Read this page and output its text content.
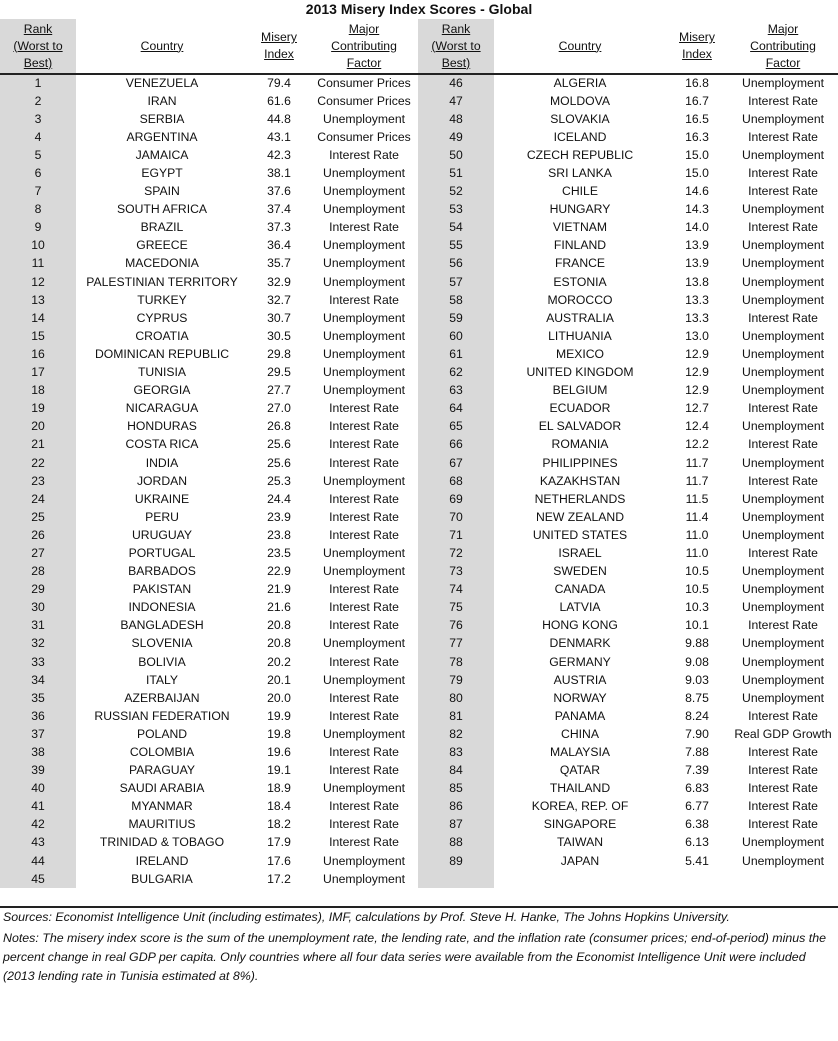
2013 Misery Index Scores - Global
Rank
(Worst to
Best)	Country	Misery
Index	Major
Contributing
Factor	Rank
(Worst to
Best)	Country	Misery
Index	Major
Contributing
Factor

1	VENEZUELA	79.4	Consumer Prices	46	ALGERIA	16.8	Unemployment
2	IRAN	61.6	Consumer Prices	47	MOLDOVA	16.7	Interest Rate
3	SERBIA	44.8	Unemployment	48	SLOVAKIA	16.5	Unemployment
4	ARGENTINA	43.1	Consumer Prices	49	ICELAND	16.3	Interest Rate
5	JAMAICA	42.3	Interest Rate	50	CZECH REPUBLIC	15.0	Unemployment
6	EGYPT	38.1	Unemployment	51	SRI LANKA	15.0	Interest Rate
7	SPAIN	37.6	Unemployment	52	CHILE	14.6	Interest Rate
8	SOUTH AFRICA	37.4	Unemployment	53	HUNGARY	14.3	Unemployment
9	BRAZIL	37.3	Interest Rate	54	VIETNAM	14.0	Interest Rate
10	GREECE	36.4	Unemployment	55	FINLAND	13.9	Unemployment
11	MACEDONIA	35.7	Unemployment	56	FRANCE	13.9	Unemployment
12	PALESTINIAN TERRITORY	32.9	Unemployment	57	ESTONIA	13.8	Unemployment
13	TURKEY	32.7	Interest Rate	58	MOROCCO	13.3	Unemployment
14	CYPRUS	30.7	Unemployment	59	AUSTRALIA	13.3	Interest Rate
15	CROATIA	30.5	Unemployment	60	LITHUANIA	13.0	Unemployment
16	DOMINICAN REPUBLIC	29.8	Unemployment	61	MEXICO	12.9	Unemployment
17	TUNISIA	29.5	Unemployment	62	UNITED KINGDOM	12.9	Unemployment
18	GEORGIA	27.7	Unemployment	63	BELGIUM	12.9	Unemployment
19	NICARAGUA	27.0	Interest Rate	64	ECUADOR	12.7	Interest Rate
20	HONDURAS	26.8	Interest Rate	65	EL SALVADOR	12.4	Unemployment
21	COSTA RICA	25.6	Interest Rate	66	ROMANIA	12.2	Interest Rate
22	INDIA	25.6	Interest Rate	67	PHILIPPINES	11.7	Unemployment
23	JORDAN	25.3	Unemployment	68	KAZAKHSTAN	11.7	Interest Rate
24	UKRAINE	24.4	Interest Rate	69	NETHERLANDS	11.5	Unemployment
25	PERU	23.9	Interest Rate	70	NEW ZEALAND	11.4	Unemployment
26	URUGUAY	23.8	Interest Rate	71	UNITED STATES	11.0	Unemployment
27	PORTUGAL	23.5	Unemployment	72	ISRAEL	11.0	Interest Rate
28	BARBADOS	22.9	Unemployment	73	SWEDEN	10.5	Unemployment
29	PAKISTAN	21.9	Interest Rate	74	CANADA	10.5	Unemployment
30	INDONESIA	21.6	Interest Rate	75	LATVIA	10.3	Unemployment
31	BANGLADESH	20.8	Interest Rate	76	HONG KONG	10.1	Interest Rate
32	SLOVENIA	20.8	Unemployment	77	DENMARK	9.88	Unemployment
33	BOLIVIA	20.2	Interest Rate	78	GERMANY	9.08	Unemployment
34	ITALY	20.1	Unemployment	79	AUSTRIA	9.03	Unemployment
35	AZERBAIJAN	20.0	Interest Rate	80	NORWAY	8.75	Unemployment
36	RUSSIAN FEDERATION	19.9	Interest Rate	81	PANAMA	8.24	Interest Rate
37	POLAND	19.8	Unemployment	82	CHINA	7.90	Real GDP Growth
38	COLOMBIA	19.6	Interest Rate	83	MALAYSIA	7.88	Interest Rate
39	PARAGUAY	19.1	Interest Rate	84	QATAR	7.39	Interest Rate
40	SAUDI ARABIA	18.9	Unemployment	85	THAILAND	6.83	Interest Rate
41	MYANMAR	18.4	Interest Rate	86	KOREA, REP. OF	6.77	Interest Rate
42	MAURITIUS	18.2	Interest Rate	87	SINGAPORE	6.38	Interest Rate
43	TRINIDAD & TOBAGO	17.9	Interest Rate	88	TAIWAN	6.13	Unemployment
44	IRELAND	17.6	Unemployment	89	JAPAN	5.41	Unemployment
45	BULGARIA	17.2	Unemployment				

Sources: Economist Intelligence Unit (including estimates), IMF, calculations by Prof. Steve H. Hanke, The Johns Hopkins University.

Notes: The misery index score is the sum of the unemployment rate, the lending rate, and the inflation rate (consumer prices; end-of-period) minus the percent change in real GDP per capita. Only countries where all four data series were available from the Economist Intelligence Unit were included (2013 lending rate in Tunisia estimated at 8%).
